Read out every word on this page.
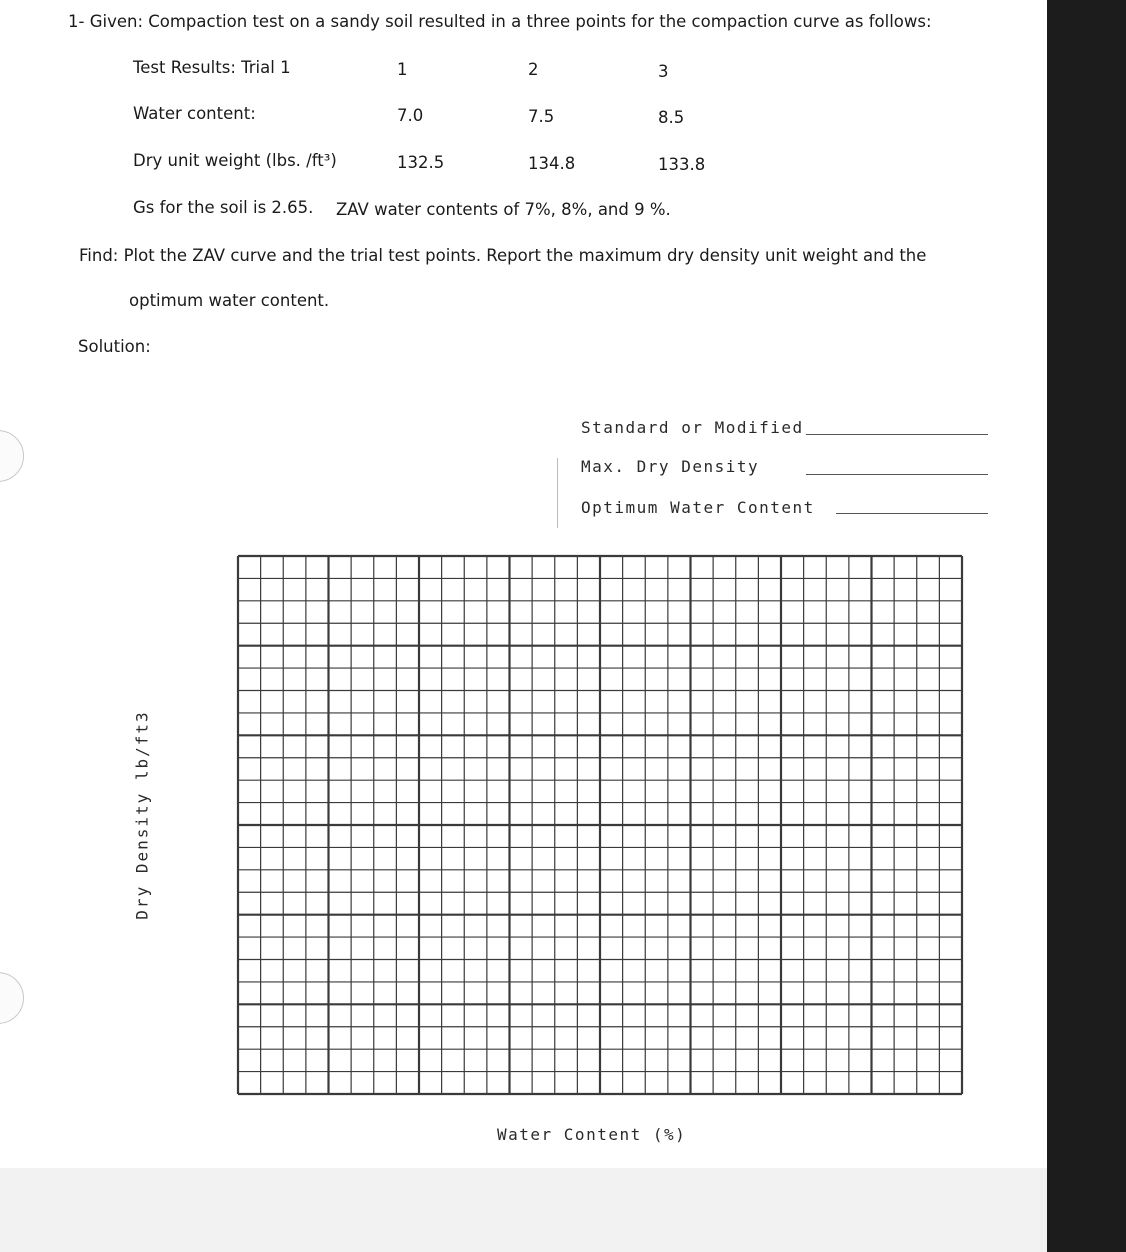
1- Given: Compaction test on a sandy soil resulted in a three points for the compaction curve as follows:
Test Results: Trial 1	1	2	3
Water content:	7.0	7.5	8.5
Dry unit weight (lbs. /ft³)	132.5	134.8	133.8
Gs for the soil is 2.65. ZAV water contents of 7%, 8%, and 9 %.
Find: Plot the ZAV curve and the trial test points. Report the maximum dry density unit weight and the
optimum water content.
Solution:
Standard or Modified
Max. Dry Density
Optimum Water Content
Dry Density lb/ft3
Water Content (%)
